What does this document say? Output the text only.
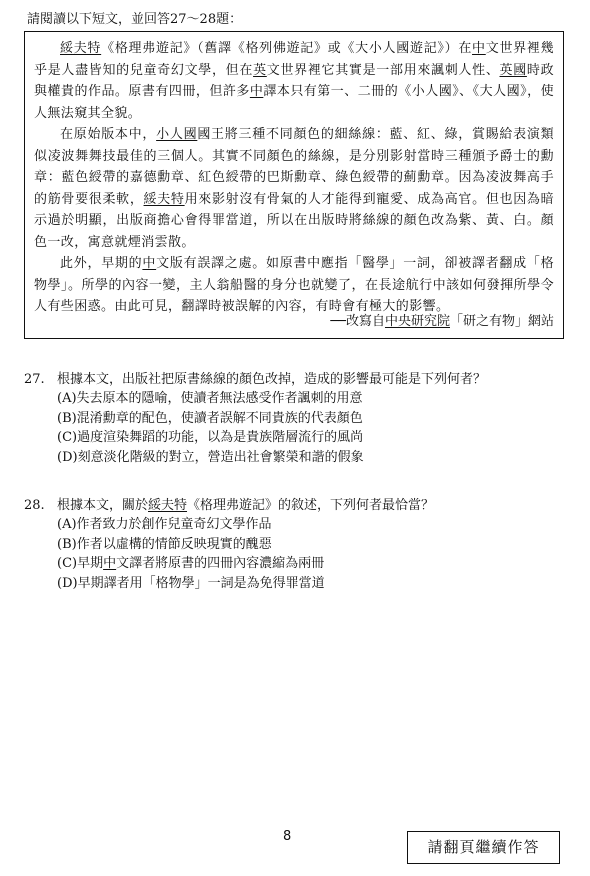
請閱讀以下短文，並回答27～28題：

綏夫特《格理弗遊記》（舊譯《格列佛遊記》或《大小人國遊記》）在中文世界裡幾乎是人盡皆知的兒童奇幻文學，但在英文世界裡它其實是一部用來諷刺人性、英國時政與權貴的作品。原書有四冊，但許多中譯本只有第一、二冊的《小人國》、《大人國》，使人無法窺其全貌。

在原始版本中，小人國國王將三種不同顏色的細絲線：藍、紅、綠，賞賜給表演類似凌波舞舞技最佳的三個人。其實不同顏色的絲線，是分別影射當時三種頒予爵士的勳章：藍色綬帶的嘉德勳章、紅色綬帶的巴斯勳章、綠色綬帶的薊勳章。因為凌波舞高手的筋骨要很柔軟，綏夫特用來影射沒有骨氣的人才能得到寵愛、成為高官。但也因為暗示過於明顯，出版商擔心會得罪當道，所以在出版時將絲線的顏色改為紫、黃、白。顏色一改，寓意就煙消雲散。

此外，早期的中文版有誤譯之處。如原書中應指「醫學」一詞，卻被譯者翻成「格物學」。所學的內容一變，主人翁船醫的身分也就變了，在長途航行中該如何發揮所學令人有些困惑。由此可見，翻譯時被誤解的內容，有時會有極大的影響。

──改寫自中央研究院「研之有物」網站
27. 根據本文，出版社把原書絲線的顏色改掉，造成的影響最可能是下列何者？
(A)失去原本的隱喻，使讀者無法感受作者諷刺的用意
(B)混淆勳章的配色，使讀者誤解不同貴族的代表顏色
(C)過度渲染舞蹈的功能，以為是貴族階層流行的風尚
(D)刻意淡化階級的對立，營造出社會繁榮和諧的假象
28. 根據本文，關於綏夫特《格理弗遊記》的敘述，下列何者最恰當？
(A)作者致力於創作兒童奇幻文學作品
(B)作者以虛構的情節反映現實的醜惡
(C)早期中文譯者將原書的四冊內容濃縮為兩冊
(D)早期譯者用「格物學」一詞是為免得罪當道
8
請翻頁繼續作答
